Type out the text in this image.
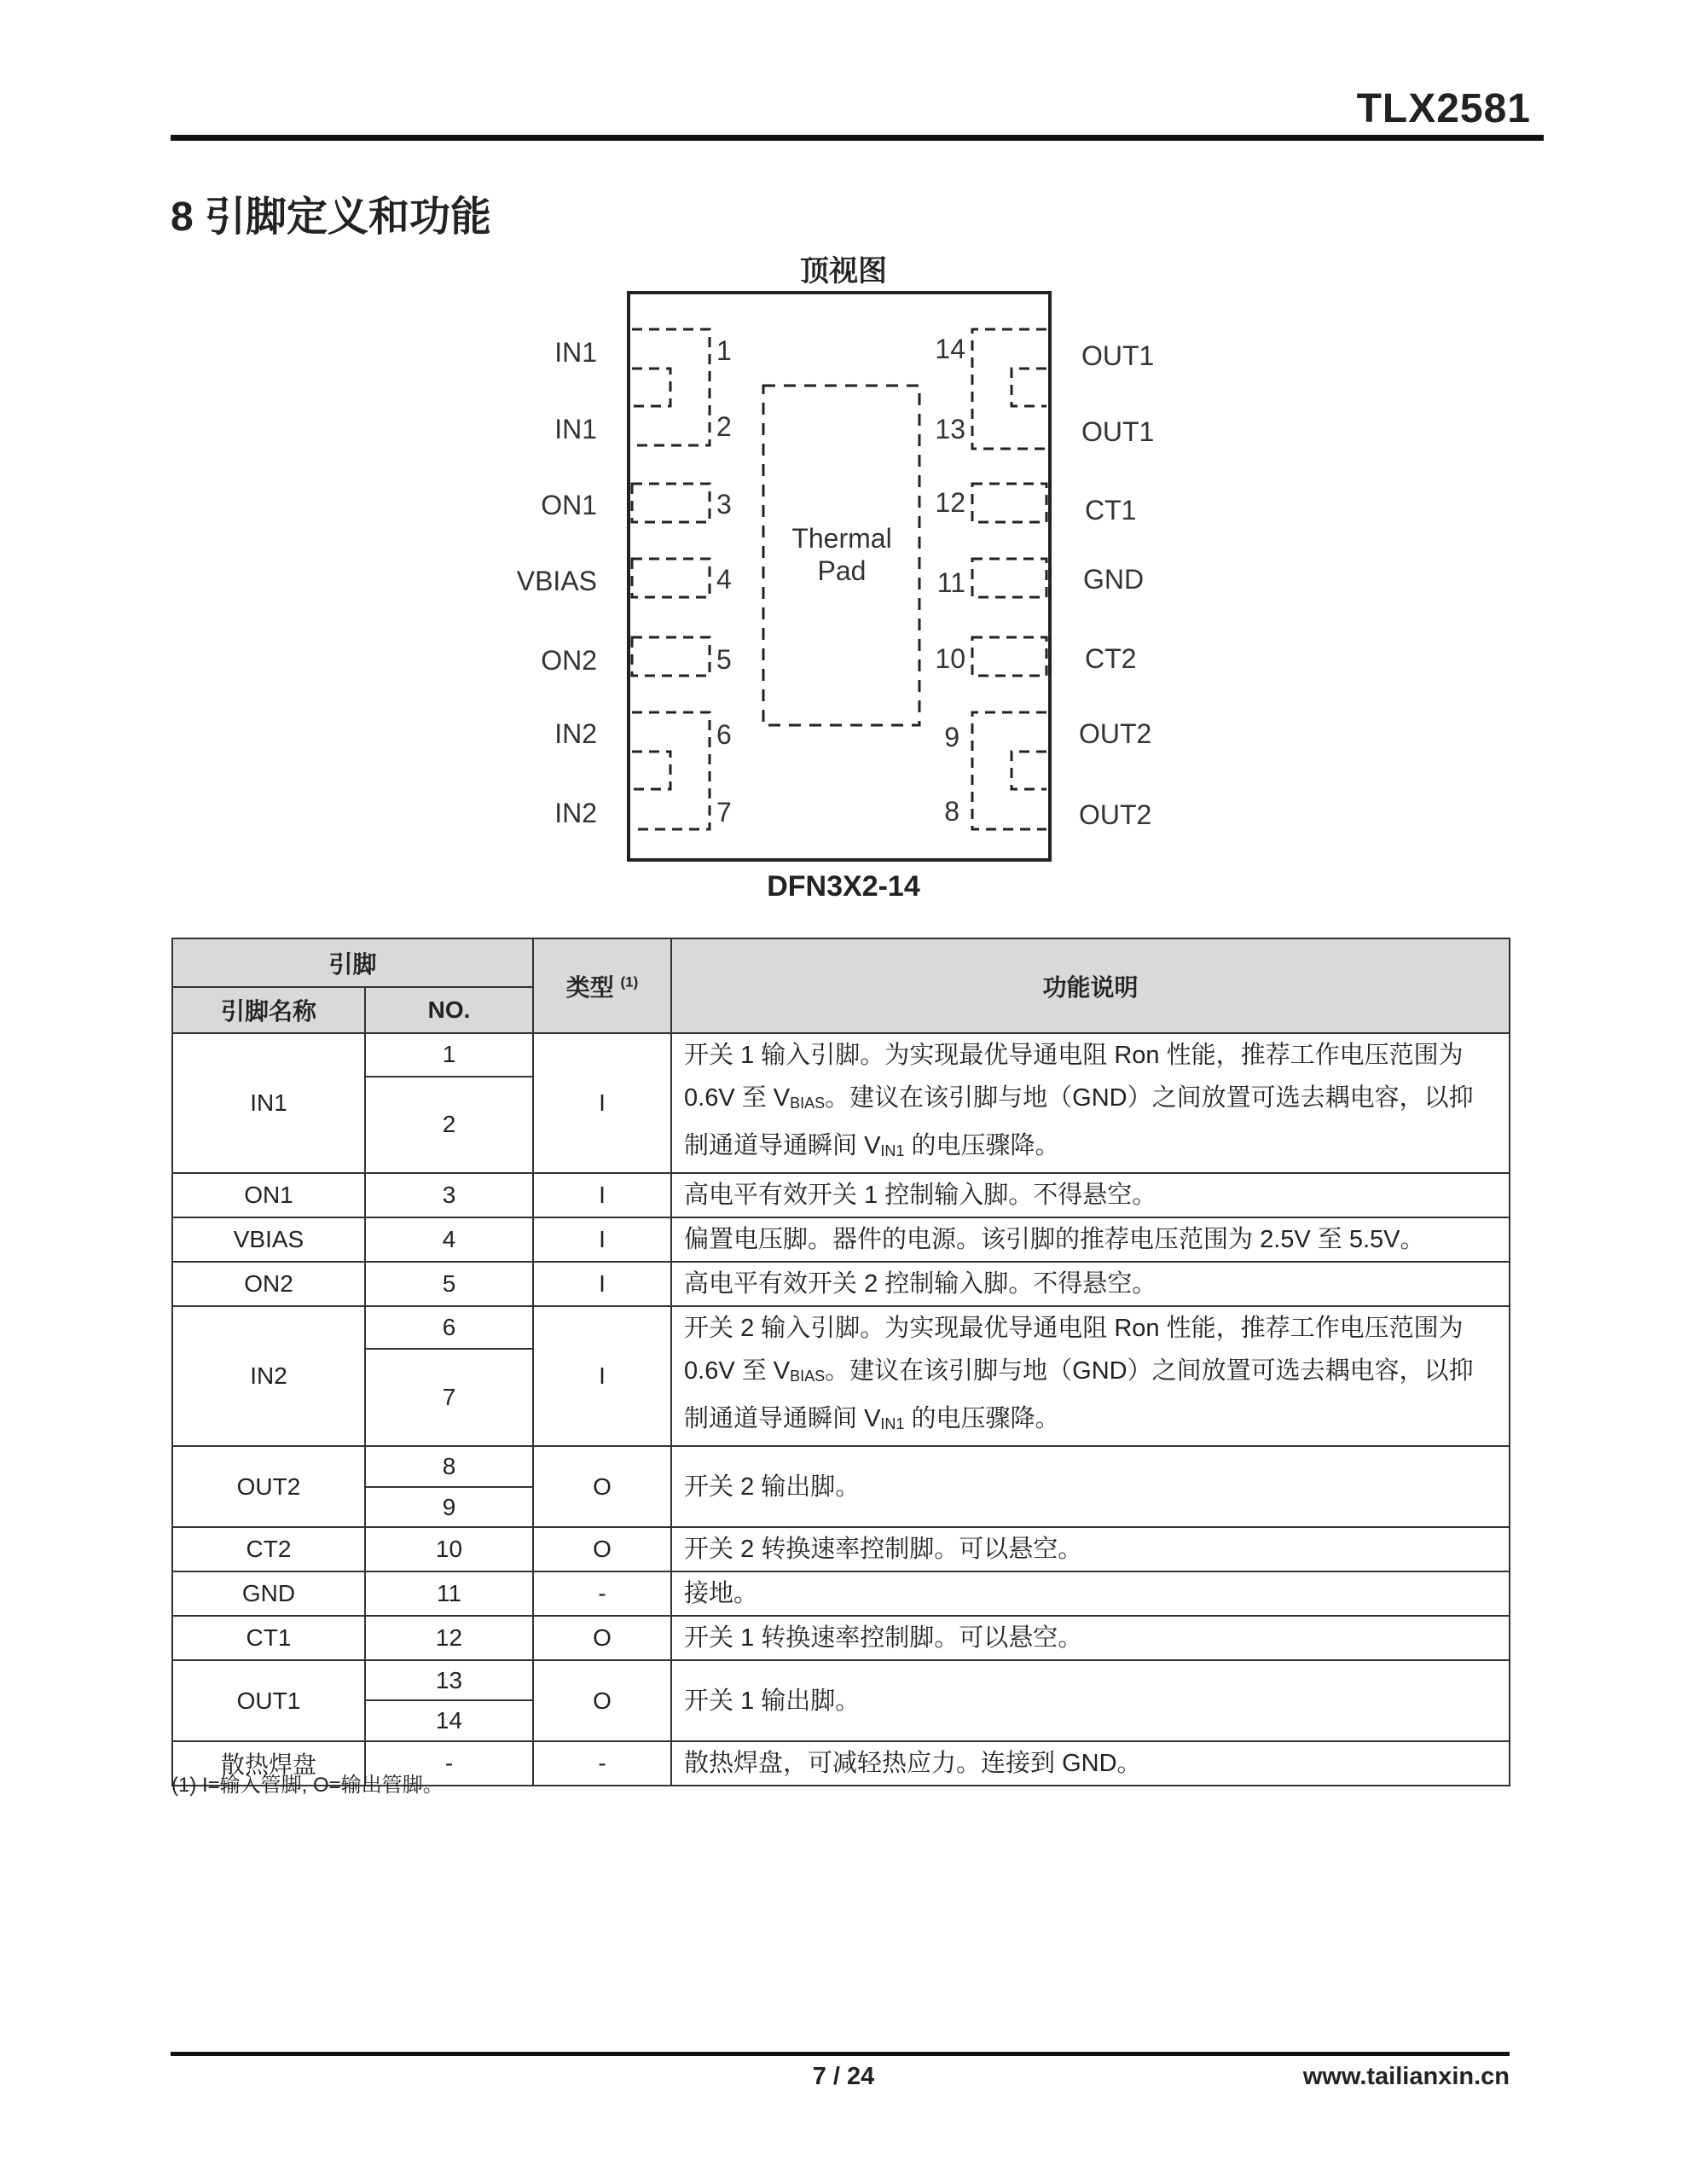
TLX2581
8 引脚定义和功能
顶视图
Thermal
Pad
IN1
IN1
ON1
VBIAS
ON2
IN2
IN2
1
2
3
4
5
6
7
14
13
12
11
10
9
8
OUT1
OUT1
CT1
GND
CT2
OUT2
OUT2
DFN3X2-14
引脚		类型 $^{(1)}$	功能说明
引脚名称	NO.		
IN1	1	I	开关 1 输入引脚。为实现最优导通电阻 Ron 性能，推荐工作电压范围为 0.6V 至 $V_{BIAS}$。建议在该引脚与地（GND）之间放置可选去耦电容，以抑制通道导通瞬间 $V_{IN1}$ 的电压骤降。
	2		
ON1	3	I	高电平有效开关 1 控制输入脚。不得悬空。
VBIAS	4	I	偏置电压脚。器件的电源。该引脚的推荐电压范围为 2.5V 至 5.5V。
ON2	5	I	高电平有效开关 2 控制输入脚。不得悬空。
IN2	6	I	开关 2 输入引脚。为实现最优导通电阻 Ron 性能，推荐工作电压范围为 0.6V 至 $V_{BIAS}$。建议在该引脚与地（GND）之间放置可选去耦电容，以抑制通道导通瞬间 $V_{IN1}$ 的电压骤降。
	7		
OUT2	8	O	开关 2 输出脚。
	9		
CT2	10	O	开关 2 转换速率控制脚。可以悬空。
GND	11	-	接地。
CT1	12	O	开关 1 转换速率控制脚。可以悬空。
OUT1	13	O	开关 1 输出脚。
	14		
散热焊盘	-	-	散热焊盘，可减轻热应力。连接到 GND。
(1) I=输入管脚, O=输出管脚。
7 / 24	www.tailianxin.cn
